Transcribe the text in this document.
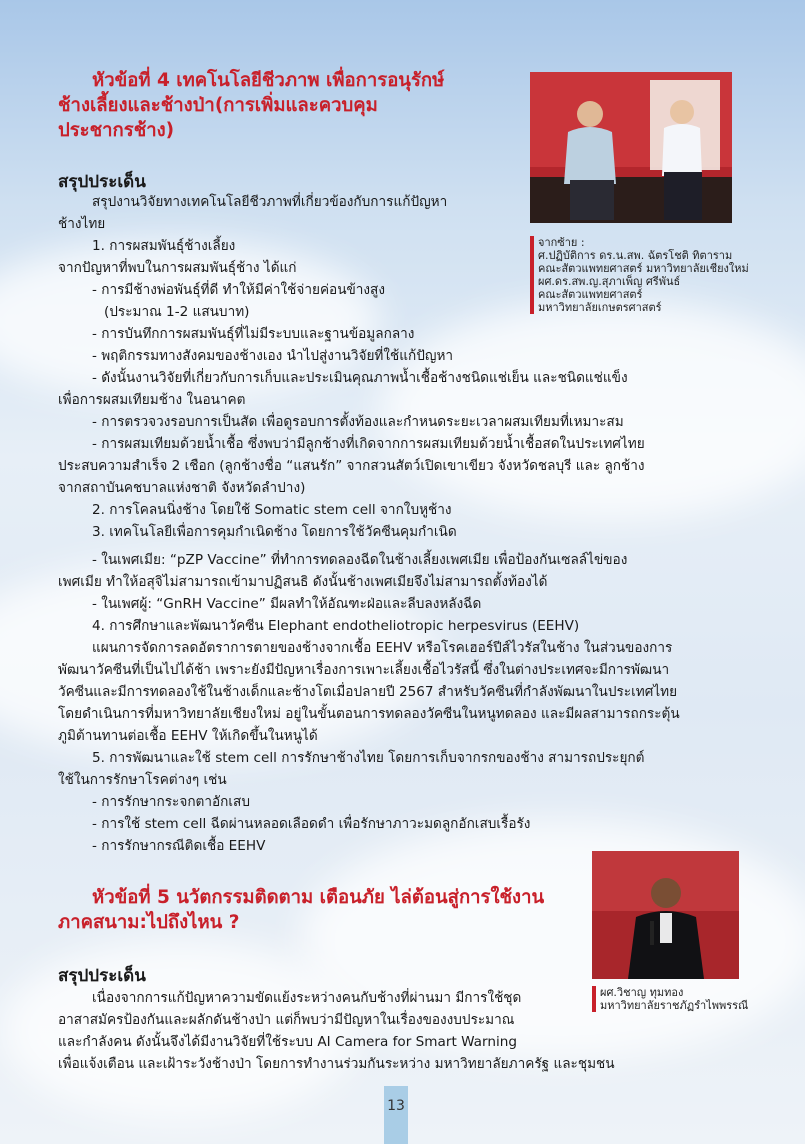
หัวข้อที่ 4 เทคโนโลยีชีวภาพ เพื่อการอนุรักษ์
ช้างเลี้ยงและช้างป่า(การเพิ่มและควบคุม
ประชากรช้าง)
สรุปประเด็น
จากซ้าย :
ศ.ปฏิบัติการ ดร.น.สพ. ฉัตรโชติ ทิตาราม
คณะสัตวแพทยศาสตร์ มหาวิทยาลัยเชียงใหม่
ผศ.ดร.สพ.ญ.สุภาเพ็ญ ศรีพันธ์
คณะสัตวแพทยศาสตร์
มหาวิทยาลัยเกษตรศาสตร์
สรุปงานวิจัยทางเทคโนโลยีชีวภาพที่เกี่ยวข้องกับการแก้ปัญหา
ช้างไทย
1. การผสมพันธุ์ช้างเลี้ยง
จากปัญหาที่พบในการผสมพันธุ์ช้าง ได้แก่
- การมีช้างพ่อพันธุ์ที่ดี ทำให้มีค่าใช้จ่ายค่อนข้างสูง
(ประมาณ 1-2 แสนบาท)
- การบันทึกการผสมพันธุ์ที่ไม่มีระบบและฐานข้อมูลกลาง
- พฤติกรรมทางสังคมของช้างเอง นำไปสู่งานวิจัยที่ใช้แก้ปัญหา
- ดังนั้นงานวิจัยที่เกี่ยวกับการเก็บและประเมินคุณภาพน้ำเชื้อช้างชนิดแช่เย็น และชนิดแช่แข็ง
เพื่อการผสมเทียมช้าง ในอนาคต
- การตรวจวงรอบการเป็นสัด เพื่อดูรอบการตั้งท้องและกำหนดระยะเวลาผสมเทียมที่เหมาะสม
- การผสมเทียมด้วยน้ำเชื้อ ซึ่งพบว่ามีลูกช้างที่เกิดจากการผสมเทียมด้วยน้ำเชื้อสดในประเทศไทย
ประสบความสำเร็จ 2 เชือก (ลูกช้างชื่อ “แสนรัก” จากสวนสัตว์เปิดเขาเขียว จังหวัดชลบุรี และ ลูกช้าง
จากสถาบันคชบาลแห่งชาติ จังหวัดลำปาง)
2. การโคลนนิ่งช้าง โดยใช้ Somatic stem cell จากใบหูช้าง
3. เทคโนโลยีเพื่อการคุมกำเนิดช้าง โดยการใช้วัคซีนคุมกำเนิด
- ในเพศเมีย: “pZP Vaccine” ที่ทำการทดลองฉีดในช้างเลี้ยงเพศเมีย เพื่อป้องกันเซลล์ไข่ของ
เพศเมีย ทำให้อสุจิไม่สามารถเข้ามาปฏิสนธิ ดังนั้นช้างเพศเมียจึงไม่สามารถตั้งท้องได้
- ในเพศผู้: “GnRH Vaccine” มีผลทำให้อัณฑะฝ่อและลีบลงหลังฉีด
4. การศึกษาและพัฒนาวัคซีน Elephant endotheliotropic herpesvirus (EEHV)
แผนการจัดการลดอัตราการตายของช้างจากเชื้อ EEHV หรือโรคเฮอร์ปีส์ไวรัสในช้าง ในส่วนของการ
พัฒนาวัคซีนที่เป็นไปได้ช้า เพราะยังมีปัญหาเรื่องการเพาะเลี้ยงเชื้อไวรัสนี้ ซึ่งในต่างประเทศจะมีการพัฒนา
วัคซีนและมีการทดลองใช้ในช้างเด็กและช้างโตเมื่อปลายปี 2567 สำหรับวัคซีนที่กำลังพัฒนาในประเทศไทย
โดยดำเนินการที่มหาวิทยาลัยเชียงใหม่ อยู่ในขั้นตอนการทดลองวัคซีนในหนูทดลอง และมีผลสามารถกระตุ้น
ภูมิต้านทานต่อเชื้อ EEHV ให้เกิดขึ้นในหนูได้
5. การพัฒนาและใช้ stem cell การรักษาช้างไทย โดยการเก็บจากรกของช้าง สามารถประยุกต์
ใช้ในการรักษาโรคต่างๆ เช่น
- การรักษากระจกตาอักเสบ
- การใช้ stem cell ฉีดผ่านหลอดเลือดดำ เพื่อรักษาภาวะมดลูกอักเสบเรื้อรัง
- การรักษากรณีติดเชื้อ EEHV
หัวข้อที่ 5 นวัตกรรมติดตาม เตือนภัย ไล่ต้อนสู่การใช้งาน
ภาคสนาม:ไปถึงไหน ?
สรุปประเด็น
ผศ.วิชาญ ทุมทอง
มหาวิทยาลัยราชภัฏรำไพพรรณี
เนื่องจากการแก้ปัญหาความขัดแย้งระหว่างคนกับช้างที่ผ่านมา มีการใช้ชุด
อาสาสมัครป้องกันและผลักดันช้างป่า แต่ก็พบว่ามีปัญหาในเรื่องของงบประมาณ
และกำลังคน ดังนั้นจึงได้มีงานวิจัยที่ใช้ระบบ AI Camera for Smart Warning
เพื่อแจ้งเตือน และเฝ้าระวังช้างป่า โดยการทำงานร่วมกันระหว่าง มหาวิทยาลัยภาครัฐ และชุมชน
13
